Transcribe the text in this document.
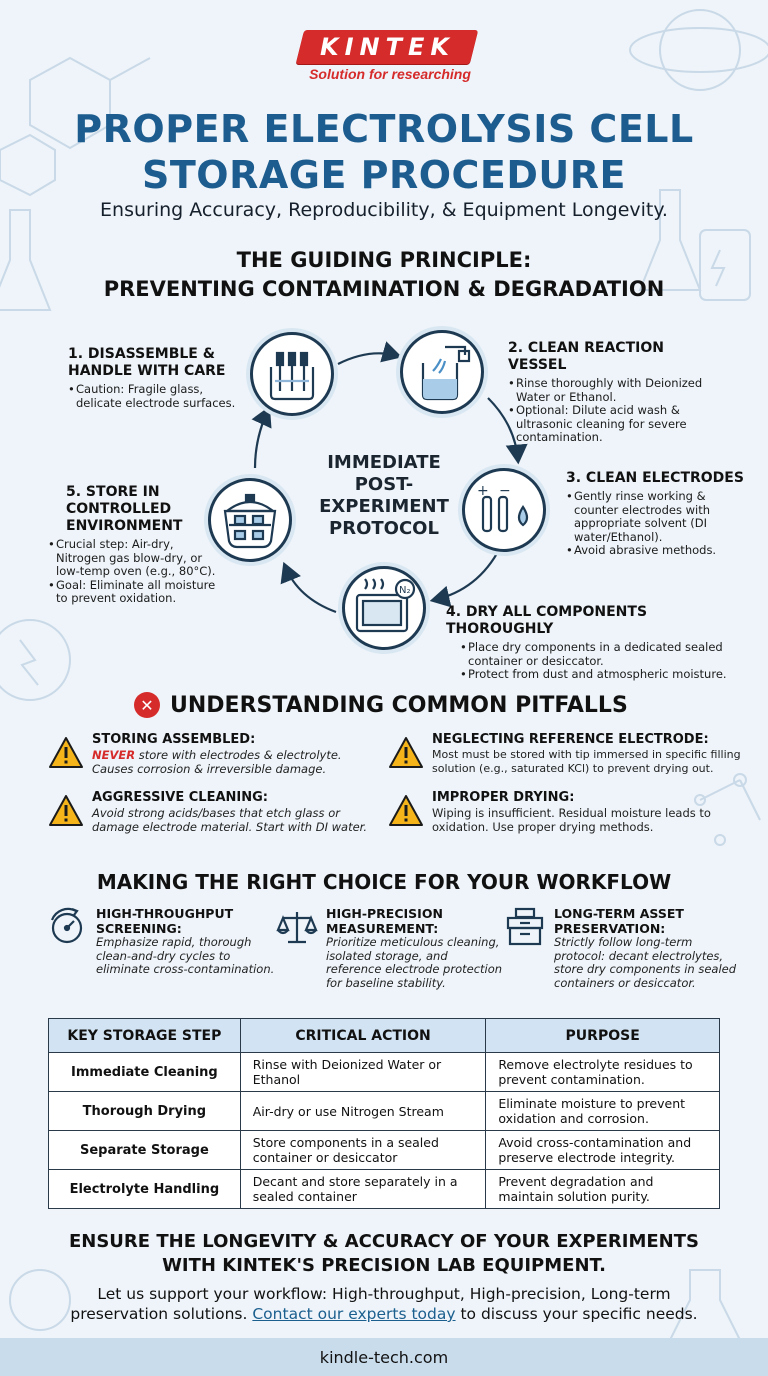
KINTEK
Solution for researching
PROPER ELECTROLYSIS CELL
STORAGE PROCEDURE
Ensuring Accuracy, Reproducibility, & Equipment Longevity.
THE GUIDING PRINCIPLE:
PREVENTING CONTAMINATION & DEGRADATION
+ −
N₂
IMMEDIATE
POST-
EXPERIMENT
PROTOCOL
1. DISASSEMBLE &
HANDLE WITH CARE
• Caution: Fragile glass, delicate electrode surfaces.
2. CLEAN REACTION VESSEL
• Rinse thoroughly with Deionized Water or Ethanol.
• Optional: Dilute acid wash & ultrasonic cleaning for severe contamination.
3. CLEAN ELECTRODES
• Gently rinse working & counter electrodes with appropriate solvent (DI water/Ethanol).
• Avoid abrasive methods.
4. DRY ALL COMPONENTS THOROUGHLY
• Place dry components in a dedicated sealed container or desiccator.
• Protect from dust and atmospheric moisture.
5. STORE IN
CONTROLLED
ENVIRONMENT
• Crucial step: Air-dry, Nitrogen gas blow-dry, or low-temp oven (e.g., 80°C).
• Goal: Eliminate all moisture to prevent oxidation.
✕ UNDERSTANDING COMMON PITFALLS
STORING ASSEMBLED:
NEVER store with electrodes & electrolyte.
Causes corrosion & irreversible damage.
NEGLECTING REFERENCE ELECTRODE:
Most must be stored with tip immersed in specific filling
solution (e.g., saturated KCl) to prevent drying out.
AGGRESSIVE CLEANING:
Avoid strong acids/bases that etch glass or
damage electrode material. Start with DI water.
IMPROPER DRYING:
Wiping is insufficient. Residual moisture leads to
oxidation. Use proper drying methods.
MAKING THE RIGHT CHOICE FOR YOUR WORKFLOW
HIGH-THROUGHPUT
SCREENING:
Emphasize rapid, thorough
clean-and-dry cycles to
eliminate cross-contamination.
HIGH-PRECISION
MEASUREMENT:
Prioritize meticulous cleaning,
isolated storage, and
reference electrode protection
for baseline stability.
LONG-TERM ASSET
PRESERVATION:
Strictly follow long-term
protocol: decant electrolytes,
store dry components in sealed
containers or desiccator.
KEY STORAGE STEP	CRITICAL ACTION	PURPOSE
Immediate Cleaning	Rinse with Deionized Water or Ethanol	Remove electrolyte residues to prevent contamination.
Thorough Drying	Air-dry or use Nitrogen Stream	Eliminate moisture to prevent oxidation and corrosion.
Separate Storage	Store components in a sealed container or desiccator	Avoid cross-contamination and preserve electrode integrity.
Electrolyte Handling	Decant and store separately in a sealed container	Prevent degradation and maintain solution purity.
ENSURE THE LONGEVITY & ACCURACY OF YOUR EXPERIMENTS
WITH KINTEK'S PRECISION LAB EQUIPMENT.
Let us support your workflow: High-throughput, High-precision, Long-term
preservation solutions. Contact our experts today to discuss your specific needs.
kindle-tech.com
